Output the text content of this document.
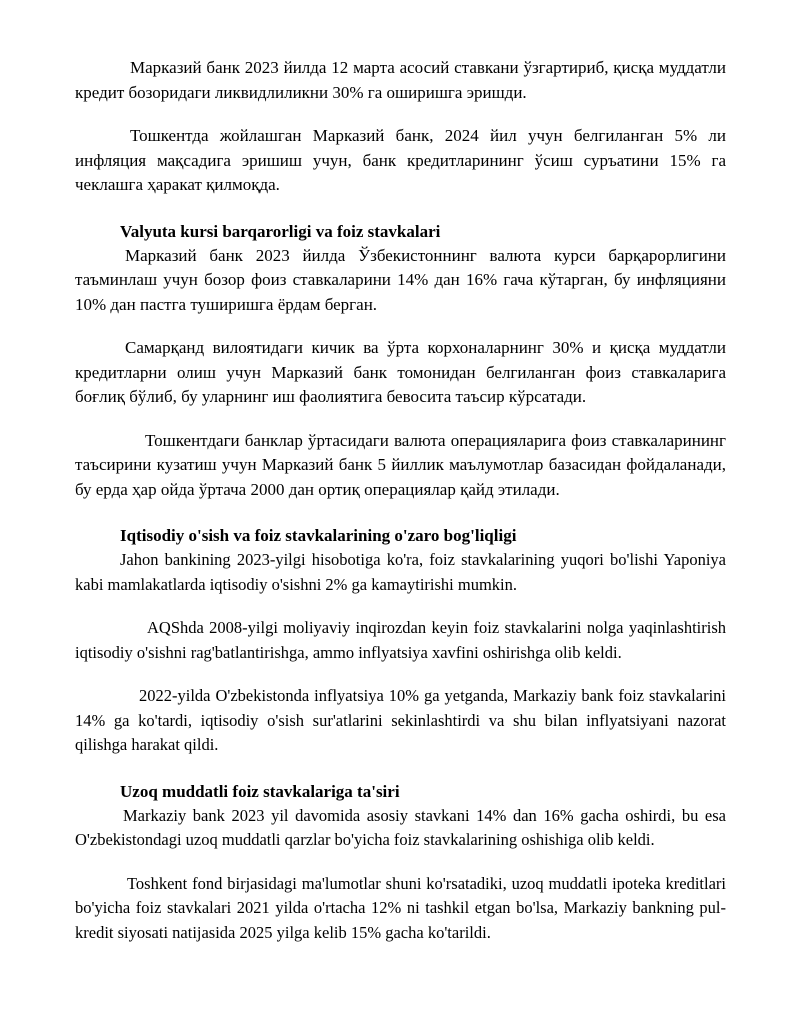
Марказий банк 2023 йилда 12 марта асосий ставкани ўзгартириб, қисқа муддатли кредит бозоридаги ликвидлиликни 30% га оширишга эришди.

Тошкентда жойлашган Марказий банк, 2024 йил учун белгиланган 5% ли инфляция мақсадига эришиш учун, банк кредитларининг ўсиш суръатини 15% га чеклашга ҳаракат қилмоқда.

Valyuta kursi barqarorligi va foiz stavkalari

Марказий банк 2023 йилда Ўзбекистоннинг валюта курси барқарорлигини таъминлаш учун бозор фоиз ставкаларини 14% дан 16% гача кўтарган, бу инфляцияни 10% дан пастга туширишга ёрдам берган.

Самарқанд вилоятидаги кичик ва ўрта корхоналарнинг 30% и қисқа муддатли кредитларни олиш учун Марказий банк томонидан белгиланган фоиз ставкаларига боғлиқ бўлиб, бу уларнинг иш фаолиятига бевосита таъсир кўрсатади.

Тошкентдаги банклар ўртасидаги валюта операцияларига фоиз ставкаларининг таъсирини кузатиш учун Марказий банк 5 йиллик маълумотлар базасидан фойдаланади, бу ерда ҳар ойда ўртача 2000 дан ортиқ операциялар қайд этилади.

Iqtisodiy o'sish va foiz stavkalarining o'zaro bog'liqligi

Jahon bankining 2023-yilgi hisobotiga ko'ra, foiz stavkalarining yuqori bo'lishi Yaponiya kabi mamlakatlarda iqtisodiy o'sishni 2% ga kamaytirishi mumkin.

AQShda 2008-yilgi moliyaviy inqirozdan keyin foiz stavkalarini nolga yaqinlashtirish iqtisodiy o'sishni rag'batlantirishga, ammo inflyatsiya xavfini oshirishga olib keldi.

2022-yilda O'zbekistonda inflyatsiya 10% ga yetganda, Markaziy bank foiz stavkalarini 14% ga ko'tardi, iqtisodiy o'sish sur'atlarini sekinlashtirdi va shu bilan inflyatsiyani nazorat qilishga harakat qildi.

Uzoq muddatli foiz stavkalariga ta'siri

Markaziy bank 2023 yil davomida asosiy stavkani 14% dan 16% gacha oshirdi, bu esa O'zbekistondagi uzoq muddatli qarzlar bo'yicha foiz stavkalarining oshishiga olib keldi.

Toshkent fond birjasidagi ma'lumotlar shuni ko'rsatadiki, uzoq muddatli ipoteka kreditlari bo'yicha foiz stavkalari 2021 yilda o'rtacha 12% ni tashkil etgan bo'lsa, Markaziy bankning pul-kredit siyosati natijasida 2025 yilga kelib 15% gacha ko'tarildi.
